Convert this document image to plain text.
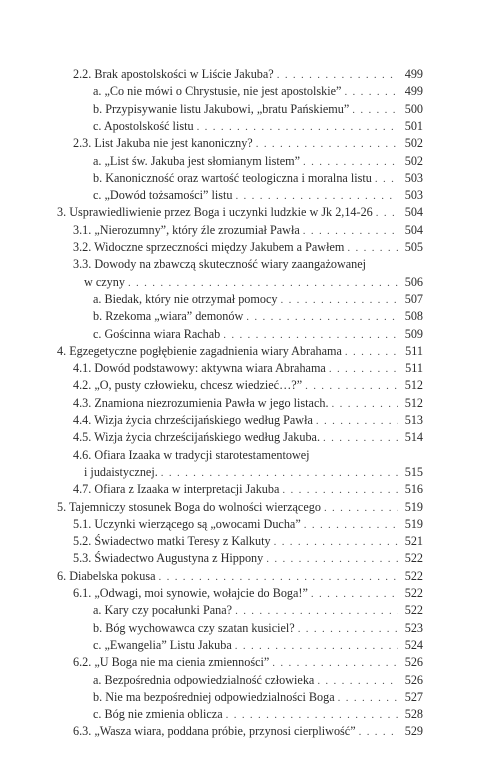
2.2. Brak apostolskości w Liście Jakuba? . . .	499
a. „Co nie mówi o Chrystusie, nie jest apostolskie” . . .	499
b. Przypisywanie listu Jakubowi, „bratu Pańskiemu” . . .	500
c. Apostolskość listu . . .	501
2.3. List Jakuba nie jest kanoniczny? . . .	502
a. „List św. Jakuba jest słomianym listem” . . .	502
b. Kanoniczność oraz wartość teologiczna i moralna listu . . .	503
c. „Dowód tożsamości” listu . . .	503
3. Usprawiedliwienie przez Boga i uczynki ludzkie w Jk 2,14-26 . . .	504
3.1. „Nierozumny”, który źle zrozumiał Pawła . . .	504
3.2. Widoczne sprzeczności między Jakubem a Pawłem . . .	505
3.3. Dowody na zbawczą skuteczność wiary zaangażowanej
w czyny . . .	506
a. Biedak, który nie otrzymał pomocy . . .	507
b. Rzekoma „wiara” demonów . . .	508
c. Gościnna wiara Rachab . . .	509
4. Egzegetyczne pogłębienie zagadnienia wiary Abrahama . . .	511
4.1. Dowód podstawowy: aktywna wiara Abrahama . . .	511
4.2. „O, pusty człowieku, chcesz wiedzieć…?” . . .	512
4.3. Znamiona niezrozumienia Pawła w jego listach. . . .	512
4.4. Wizja życia chrześcijańskiego według Pawła . . .	513
4.5. Wizja życia chrześcijańskiego według Jakuba. . . .	514
4.6. Ofiara Izaaka w tradycji starotestamentowej
i judaistycznej. . . .	515
4.7. Ofiara z Izaaka w interpretacji Jakuba . . .	516
5. Tajemniczy stosunek Boga do wolności wierzącego . . .	519
5.1. Uczynki wierzącego są „owocami Ducha” . . .	519
5.2. Świadectwo matki Teresy z Kalkuty . . .	521
5.3. Świadectwo Augustyna z Hippony . . .	522
6. Diabelska pokusa . . .	522
6.1. „Odwagi, moi synowie, wołajcie do Boga!” . . .	522
a. Kary czy pocałunki Pana? . . .	522
b. Bóg wychowawca czy szatan kusiciel? . . .	523
c. „Ewangelia” Listu Jakuba . . .	524
6.2. „U Boga nie ma cienia zmienności” . . .	526
a. Bezpośrednia odpowiedzialność człowieka . . .	526
b. Nie ma bezpośredniej odpowiedzialności Boga . . .	527
c. Bóg nie zmienia oblicza . . .	528
6.3. „Wasza wiara, poddana próbie, przynosi cierpliwość” . . .	529
